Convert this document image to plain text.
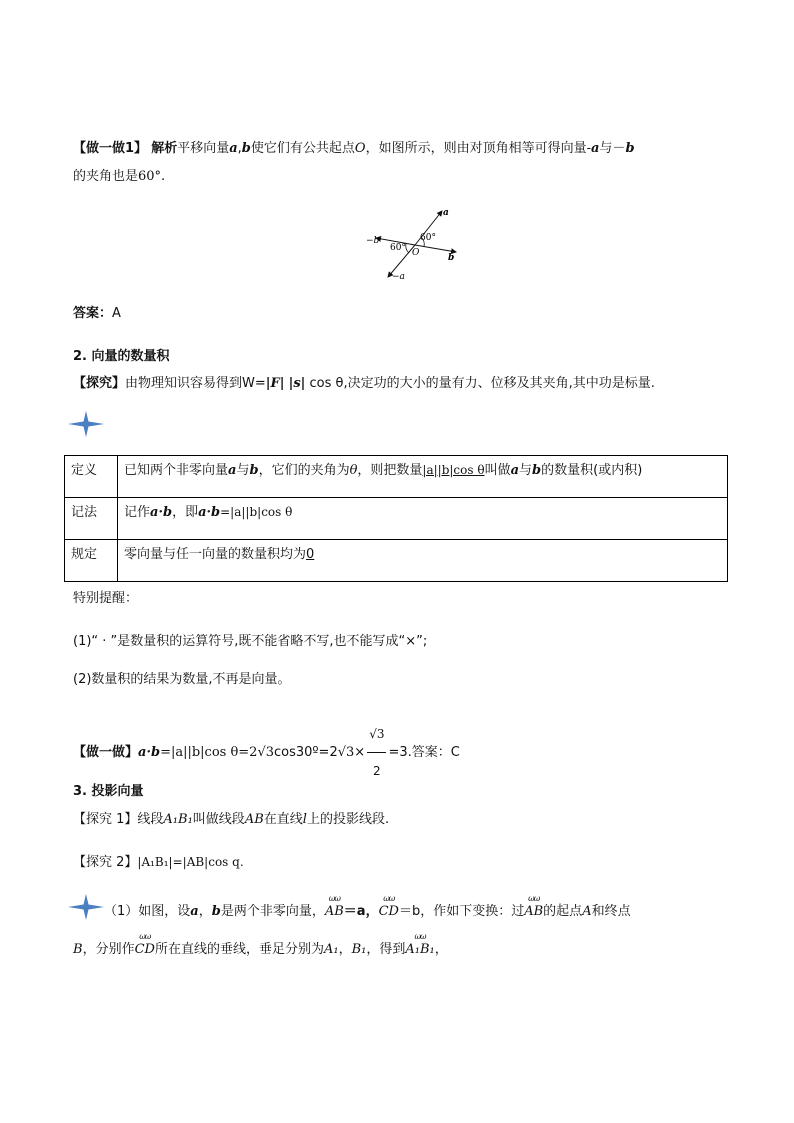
【做一做1】 解析平移向量a,b使它们有公共起点O，如图所示，则由对顶角相等可得向量-a与－b
的夹角也是60°.
a
−b
b
−a
60°
60° O
答案：A
2. 向量的数量积
【探究】由物理知识容易得到W=|F| |s| cos θ,决定功的大小的量有力、位移及其夹角,其中功是标量.
定义	已知两个非零向量a与b，它们的夹角为θ，则把数量|a||b|cos θ叫做a与b的数量积(或内积)
记法	记作a·b，即a·b=|a||b|cos θ
规定	零向量与任一向量的数量积均为0
特别提醒：
(1)“ · ”是数量积的运算符号,既不能省略不写,也不能写成“×”;
(2)数量积的结果为数量,不再是向量。
【做一做】a·b=|a||b|cos θ=2√3cos30º=2√3× $\frac{√3}{2} =3$.答案：C
3. 投影向量
【探究 1】线段A₁B₁叫做线段AB在直线l上的投影线段.
【探究 2】|A₁B₁|=|AB|cos q.
（1）如图，设a，b是两个非零向量，
ωω
AB＝a，
ωω
CD＝b，作如下变换：过
ωω
AB的起点A和终点
B，分别作
ωω
CD所在直线的垂线，垂足分别为A₁，B₁，得到
ωω
A₁B₁，
